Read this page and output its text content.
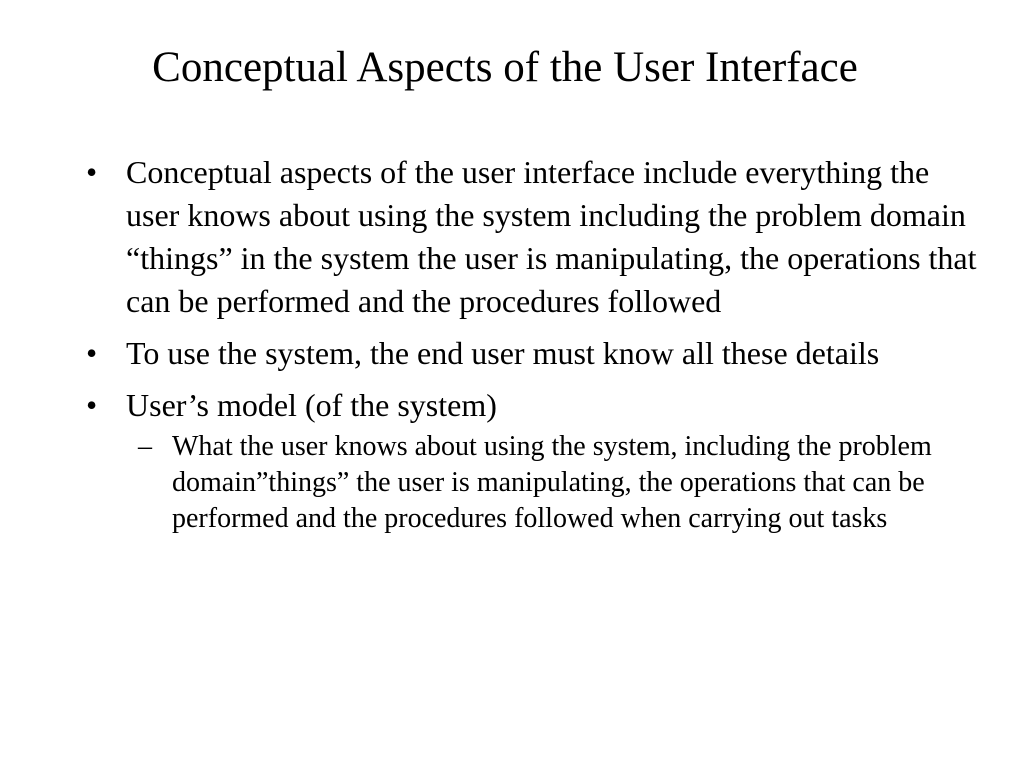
Conceptual Aspects of the User Interface
• Conceptual aspects of the user interface include everything the user knows about using the system including the problem domain “things” in the system the user is manipulating, the operations that can be performed and the procedures followed
• To use the system, the end user must know all these details
• User’s model (of the system)
– What the user knows about using the system, including the problem domain”things” the user is manipulating, the operations that can be performed and the procedures followed when carrying out tasks
